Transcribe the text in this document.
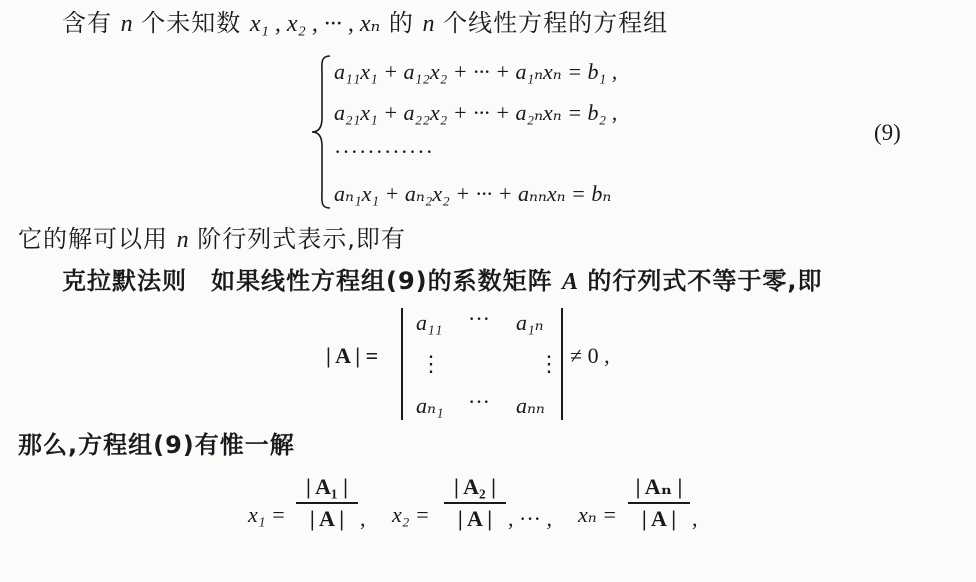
含有 n 个未知数 x₁ , x₂ , ··· , xₙ 的 n 个线性方程的方程组
a₁₁x₁ + a₁₂x₂ + ··· + a₁ₙxₙ = b₁ ,
a₂₁x₁ + a₂₂x₂ + ··· + a₂ₙxₙ = b₂ ,
············
aₙ₁x₁ + aₙ₂x₂ + ··· + aₙₙxₙ = bₙ
(9)
它的解可以用 n 阶行列式表示,即有
克拉默法则 如果线性方程组(9)的系数矩阵 A 的行列式不等于零,即
| A | =
a₁₁ ··· a₁ₙ
⋮	⋮
aₙ₁ ··· aₙₙ
≠ 0 ,
那么,方程组(9)有惟一解
x₁ =
| A₁ |
| A | , x₂ =
| A₂ |
| A | , ··· , xₙ =
| Aₙ |
| A | ,
